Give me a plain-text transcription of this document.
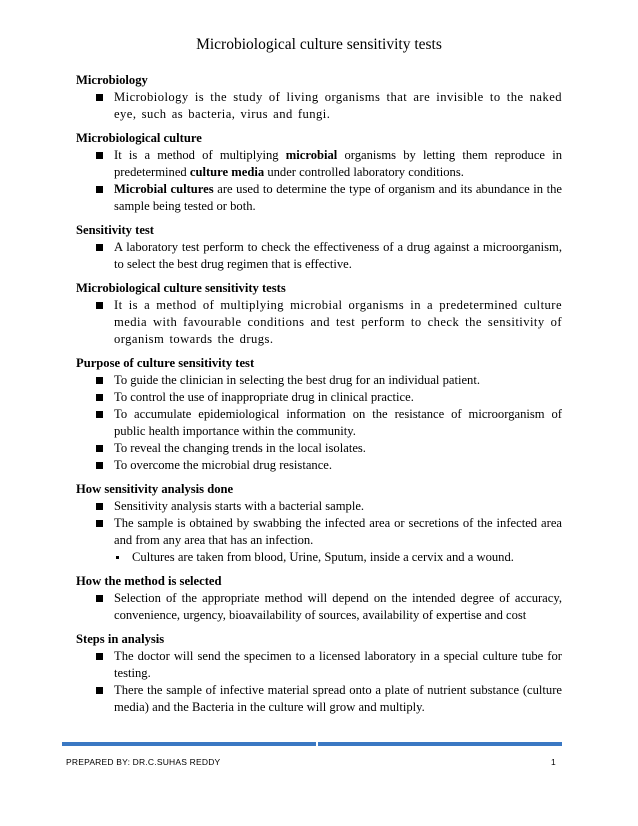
Microbiological culture sensitivity tests
Microbiology
Microbiology is the study of living organisms that are invisible to the naked eye, such as bacteria, virus and fungi.
Microbiological culture
It is a method of multiplying microbial organisms by letting them reproduce in predetermined culture media under controlled laboratory conditions.
Microbial cultures are used to determine the type of organism and its abundance in the sample being tested or both.
Sensitivity test
A laboratory test perform to check the effectiveness of a drug against a microorganism, to select the best drug regimen that is effective.
Microbiological culture sensitivity tests
It is a method of multiplying microbial organisms in a predetermined culture media with favourable conditions and test perform to check the sensitivity of organism towards the drugs.
Purpose of culture sensitivity test
To guide the clinician in selecting the best drug for an individual patient.
To control the use of inappropriate drug in clinical practice.
To accumulate epidemiological information on the resistance of microorganism of public health importance within the community.
To reveal the changing trends in the local isolates.
To overcome the microbial drug resistance.
How sensitivity analysis done
Sensitivity analysis starts with a bacterial sample.
The sample is obtained by swabbing the infected area or secretions of the infected area and from any area that has an infection.
Cultures are taken from blood, Urine, Sputum, inside a cervix and a wound.
How the method is selected
Selection of the appropriate method will depend on the intended degree of accuracy, convenience, urgency, bioavailability of sources, availability of expertise and cost
Steps in analysis
The doctor will send the specimen to a licensed laboratory in a special culture tube for testing.
There the sample of infective material spread onto a plate of nutrient substance (culture media) and the Bacteria in the culture will grow and multiply.
PREPARED BY: DR.C.SUHAS REDDY	1
